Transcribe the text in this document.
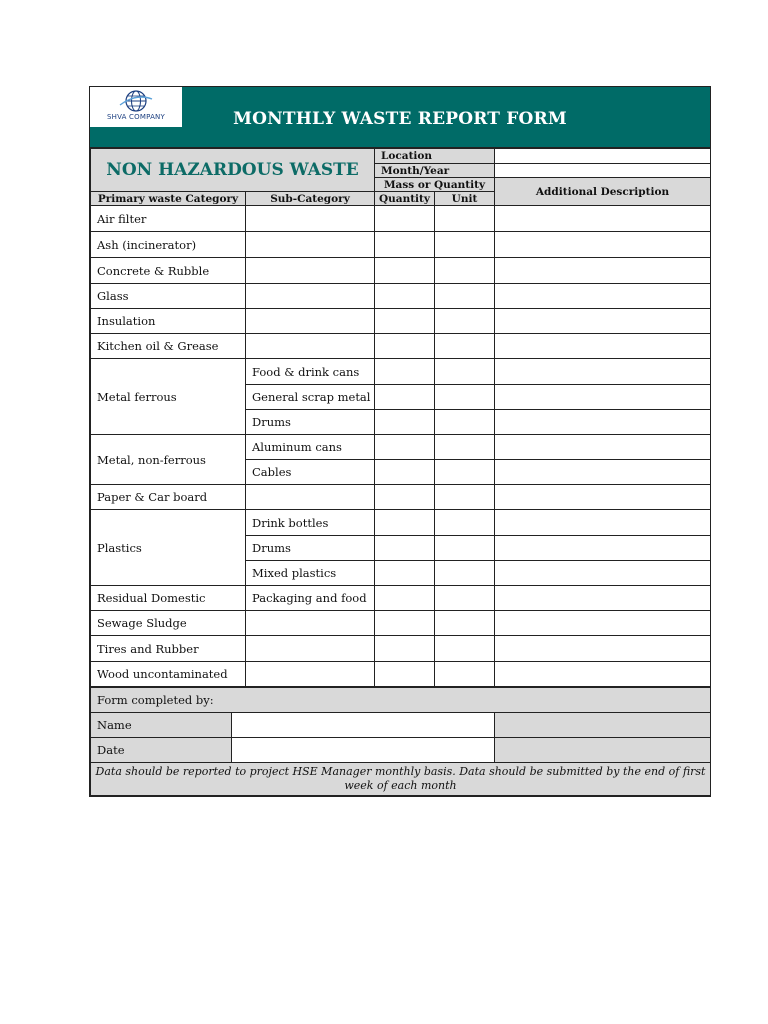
SHVA COMPANY	MONTHLY WASTE REPORT FORM
NON HAZARDOUS WASTE		Location		
		Month/Year		
		Mass or Quantity		Additional Description
Primary waste Category	Sub-Category	Quantity	Unit	
Air filter				
Ash (incinerator)				
Concrete & Rubble				
Glass				
Insulation				
Kitchen oil & Grease				
Metal ferrous	Food & drink cans			
	General scrap metal			
	Drums			
Metal, non-ferrous	Aluminum cans			
	Cables			
Paper & Car board				
Plastics	Drink bottles			
	Drums			
	Mixed plastics			
Residual Domestic	Packaging and food			
Sewage Sludge				
Tires and Rubber				
Wood uncontaminated				
Form completed by:		
Name		
Date		
Data should be reported to project HSE Manager monthly basis. Data should be submitted by the end of first week of each month		
